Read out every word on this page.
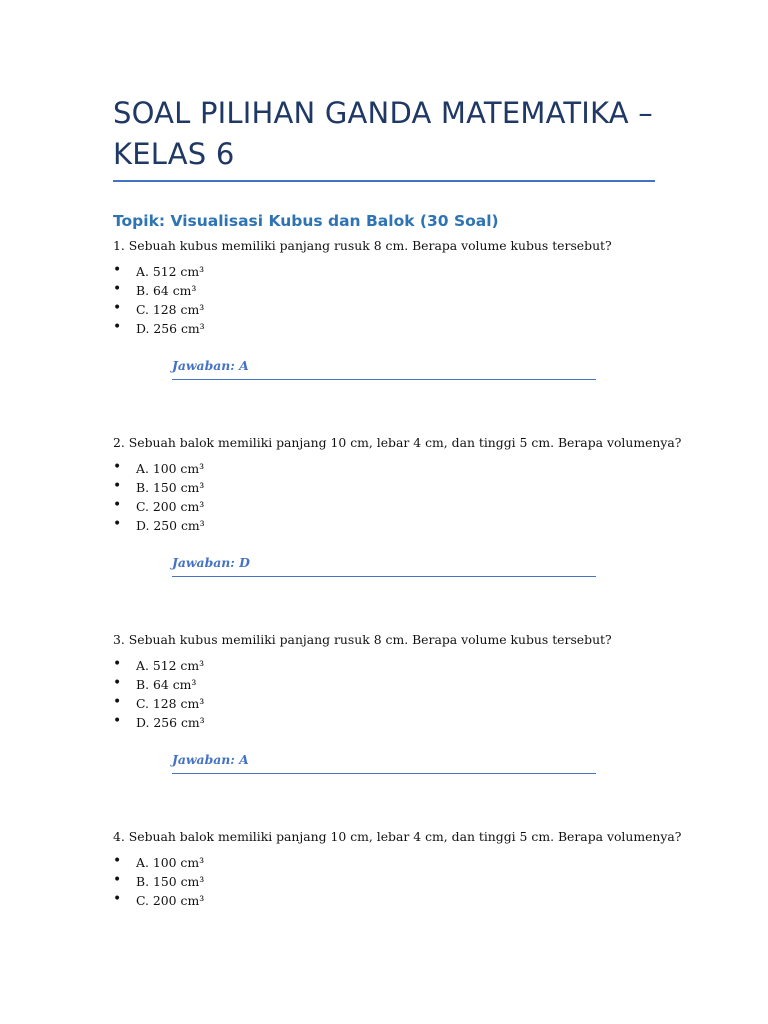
SOAL PILIHAN GANDA MATEMATIKA – KELAS 6
Topik: Visualisasi Kubus dan Balok (30 Soal)
1. Sebuah kubus memiliki panjang rusuk 8 cm. Berapa volume kubus tersebut?
• A. 512 cm³
• B. 64 cm³
• C. 128 cm³
• D. 256 cm³
Jawaban: A
2. Sebuah balok memiliki panjang 10 cm, lebar 4 cm, dan tinggi 5 cm. Berapa volumenya?
• A. 100 cm³
• B. 150 cm³
• C. 200 cm³
• D. 250 cm³
Jawaban: D
3. Sebuah kubus memiliki panjang rusuk 8 cm. Berapa volume kubus tersebut?
• A. 512 cm³
• B. 64 cm³
• C. 128 cm³
• D. 256 cm³
Jawaban: A
4. Sebuah balok memiliki panjang 10 cm, lebar 4 cm, dan tinggi 5 cm. Berapa volumenya?
• A. 100 cm³
• B. 150 cm³
• C. 200 cm³
